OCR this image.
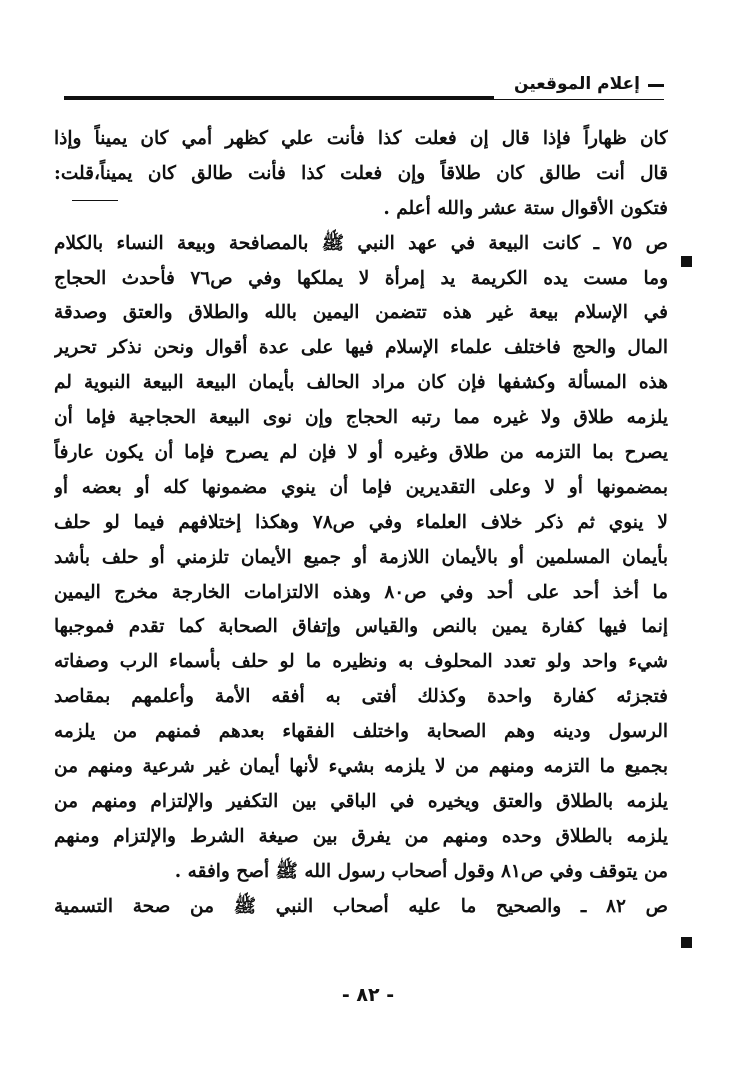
إعلام الموقعين
كان ظهاراً فإذا قال إن فعلت كذا فأنت علي كظهر أمي كان يميناً وإذا
قال أنت طالق كان طلاقاً وإن فعلت كذا فأنت طالق كان يميناً،قلت:
فتكون الأقوال ستة عشر والله أعلم .
ص ٧٥ ـ كانت البيعة في عهد النبي ﷺ بالمصافحة وبيعة النساء بالكلام
وما مست يده الكريمة يد إمرأة لا يملكها وفي ص٧٦ فأحدث الحجاج
في الإسلام بيعة غير هذه تتضمن اليمين بالله والطلاق والعتق وصدقة
المال والحج فاختلف علماء الإسلام فيها على عدة أقوال ونحن نذكر تحرير
هذه المسألة وكشفها فإن كان مراد الحالف بأيمان البيعة البيعة النبوية لم
يلزمه طلاق ولا غيره مما رتبه الحجاج وإن نوى البيعة الحجاجية فإما أن
يصرح بما التزمه من طلاق وغيره أو لا فإن لم يصرح فإما أن يكون عارفاً
بمضمونها أو لا وعلى التقديرين فإما أن ينوي مضمونها كله أو بعضه أو
لا ينوي ثم ذكر خلاف العلماء وفي ص٧٨ وهكذا إختلافهم فيما لو حلف
بأيمان المسلمين أو بالأيمان اللازمة أو جميع الأيمان تلزمني أو حلف بأشد
ما أخذ أحد على أحد وفي ص٨٠ وهذه الالتزامات الخارجة مخرج اليمين
إنما فيها كفارة يمين بالنص والقياس وإتفاق الصحابة كما تقدم فموجبها
شيء واحد ولو تعدد المحلوف به ونظيره ما لو حلف بأسماء الرب وصفاته
فتجزئه كفارة واحدة وكذلك أفتى به أفقه الأمة وأعلمهم بمقاصد
الرسول ودينه وهم الصحابة واختلف الفقهاء بعدهم فمنهم من يلزمه
بجميع ما التزمه ومنهم من لا يلزمه بشيء لأنها أيمان غير شرعية ومنهم من
يلزمه بالطلاق والعتق ويخيره في الباقي بين التكفير والإلتزام ومنهم من
يلزمه بالطلاق وحده ومنهم من يفرق بين صيغة الشرط والإلتزام ومنهم
من يتوقف وفي ص٨١ وقول أصحاب رسول الله ﷺ أصح وافقه .
ص ٨٢ ـ والصحيح ما عليه أصحاب النبي ﷺ من صحة التسمية
- ٨٢ -
